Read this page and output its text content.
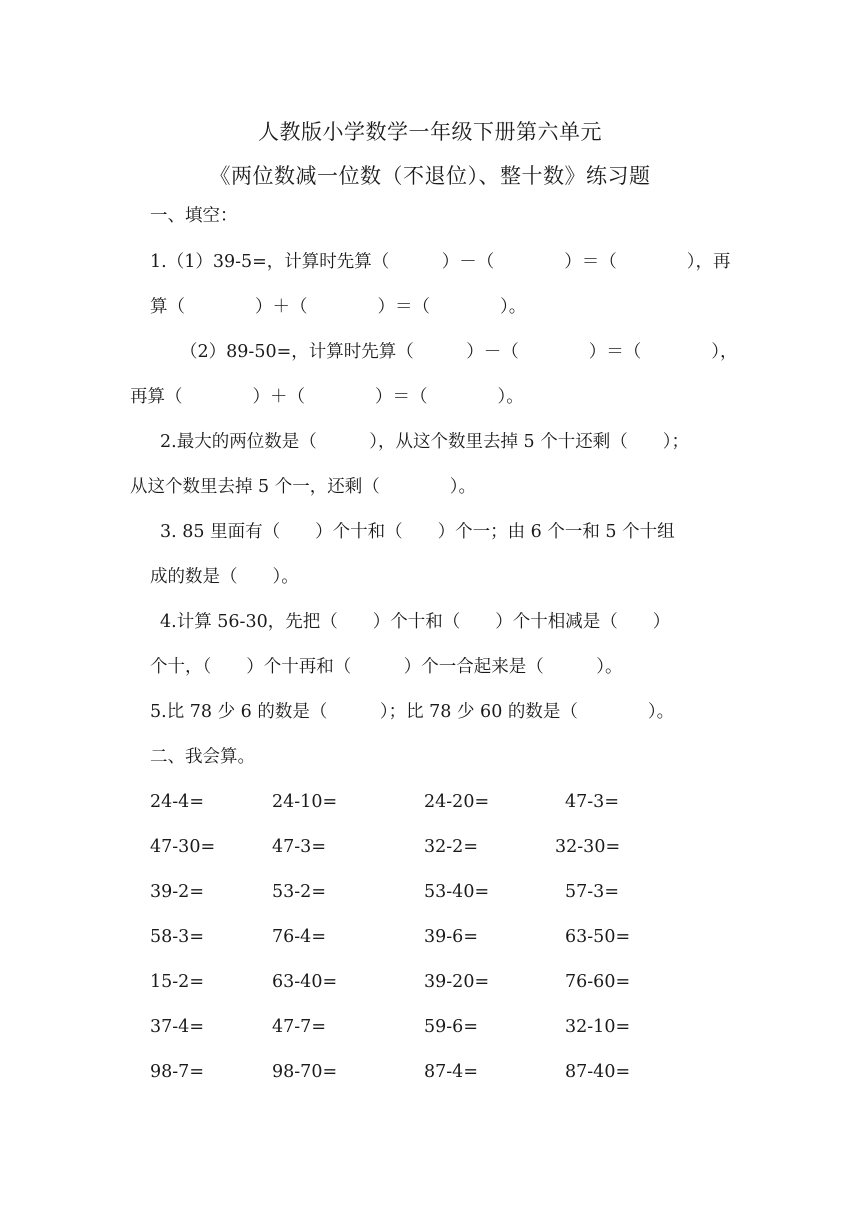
人教版小学数学一年级下册第六单元
《两位数减一位数（不退位）、整十数》练习题
一、填空：
1.（1）39-5=，计算时先算（　　　）－（　　　　）＝（　　　　），再
算（　　　　）＋（　　　　）＝（　　　　）。
（2）89-50=，计算时先算（　　　）－（　　　　）＝（　　　　），
再算（　　　　）＋（　　　　）＝（　　　　）。
2.最大的两位数是（　　　），从这个数里去掉 5 个十还剩（　　）；
从这个数里去掉 5 个一，还剩（　　　　）。
3. 85 里面有（　　）个十和（　　）个一；由 6 个一和 5 个十组
成的数是（　　）。
4.计算 56-30，先把（　　）个十和（　　）个十相减是（　　）
个十，（　　）个十再和（　　　）个一合起来是（　　　）。
5.比 78 少 6 的数是（　　　）；比 78 少 60 的数是（　　　　）。
二、我会算。
24-4=	24-10=	24-20=	47-3=
47-30=	47-3=	32-2=	32-30=
39-2=	53-2=	53-40=	57-3=
58-3=	76-4=	39-6=	63-50=
15-2=	63-40=	39-20=	76-60=
37-4=	47-7=	59-6=	32-10=
98-7=	98-70=	87-4=	87-40=
